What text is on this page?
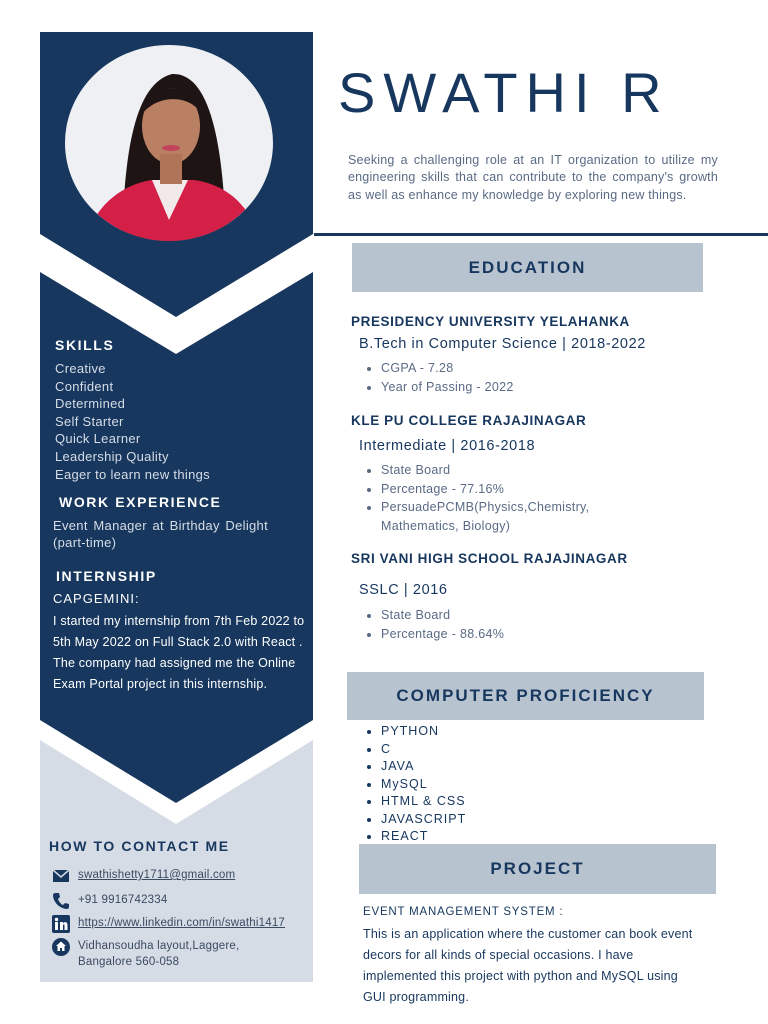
SKILLS
Creative
Confident
Determined
Self Starter
Quick Learner
Leadership Quality
Eager to learn new things
WORK EXPERIENCE
Event Manager at Birthday Delight (part-time)
INTERNSHIP
CAPGEMINI:
I started my internship from 7th Feb 2022 to 5th May 2022 on Full Stack 2.0 with React . The company had assigned me the Online Exam Portal project in this internship.
HOW TO CONTACT ME
swathishetty1711@gmail.com
+91 9916742334
https://www.linkedin.com/in/swathi1417
Vidhansoudha layout,Laggere, Bangalore 560-058
SWATHI R
Seeking a challenging role at an IT organization to utilize my engineering skills that can contribute to the company's growth as well as enhance my knowledge by exploring new things.
EDUCATION
PRESIDENCY UNIVERSITY YELAHANKA
B.Tech in Computer Science | 2018-2022
• CGPA - 7.28
• Year of Passing - 2022
KLE PU COLLEGE RAJAJINAGAR
Intermediate | 2016-2018
• State Board
• Percentage - 77.16%
• PersuadePCMB(Physics,Chemistry, Mathematics, Biology)
SRI VANI HIGH SCHOOL RAJAJINAGAR
SSLC | 2016
• State Board
• Percentage - 88.64%
COMPUTER PROFICIENCY
• PYTHON
• C
• JAVA
• MySQL
• HTML & CSS
• JAVASCRIPT
• REACT
PROJECT
EVENT MANAGEMENT SYSTEM :
This is an application where the customer can book event decors for all kinds of special occasions. I have implemented this project with python and MySQL using GUI programming.
